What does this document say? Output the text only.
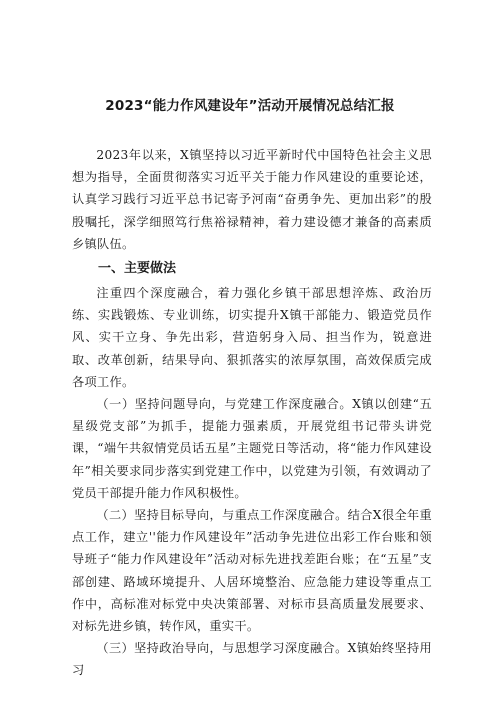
2023“能力作风建设年”活动开展情况总结汇报

2023年以来，X镇坚持以习近平新时代中国特色社会主义思想为指导，全面贯彻落实习近平关于能力作风建设的重要论述，认真学习践行习近平总书记寄予河南“奋勇争先、更加出彩”的殷殷嘱托，深学细照笃行焦裕禄精神，着力建设德才兼备的高素质乡镇队伍。

一、主要做法

注重四个深度融合，着力强化乡镇干部思想淬炼、政治历练、实践锻炼、专业训练，切实提升X镇干部能力、锻造党员作风、实干立身、争先出彩，营造躬身入局、担当作为，锐意进取、改革创新，结果导向、狠抓落实的浓厚氛围，高效保质完成各项工作。

（一）坚持问题导向，与党建工作深度融合。X镇以创建“五星级党支部”为抓手，提能力强素质，开展党组书记带头讲党课，“端午共叙情党员话五星”主题党日等活动，将“能力作风建设年”相关要求同步落实到党建工作中，以党建为引领，有效调动了党员干部提升能力作风积极性。

（二）坚持目标导向，与重点工作深度融合。结合X很全年重点工作，建立''能力作风建设年”活动争先进位出彩工作台账和领导班子“能力作风建设年”活动对标先进找差距台账；在“五星”支部创建、路域环境提升、人居环境整治、应急能力建设等重点工作中，高标准对标党中央决策部署、对标市县高质量发展要求、对标先进乡镇，转作风，重实干。

（三）坚持政治导向，与思想学习深度融合。X镇始终坚持用习
